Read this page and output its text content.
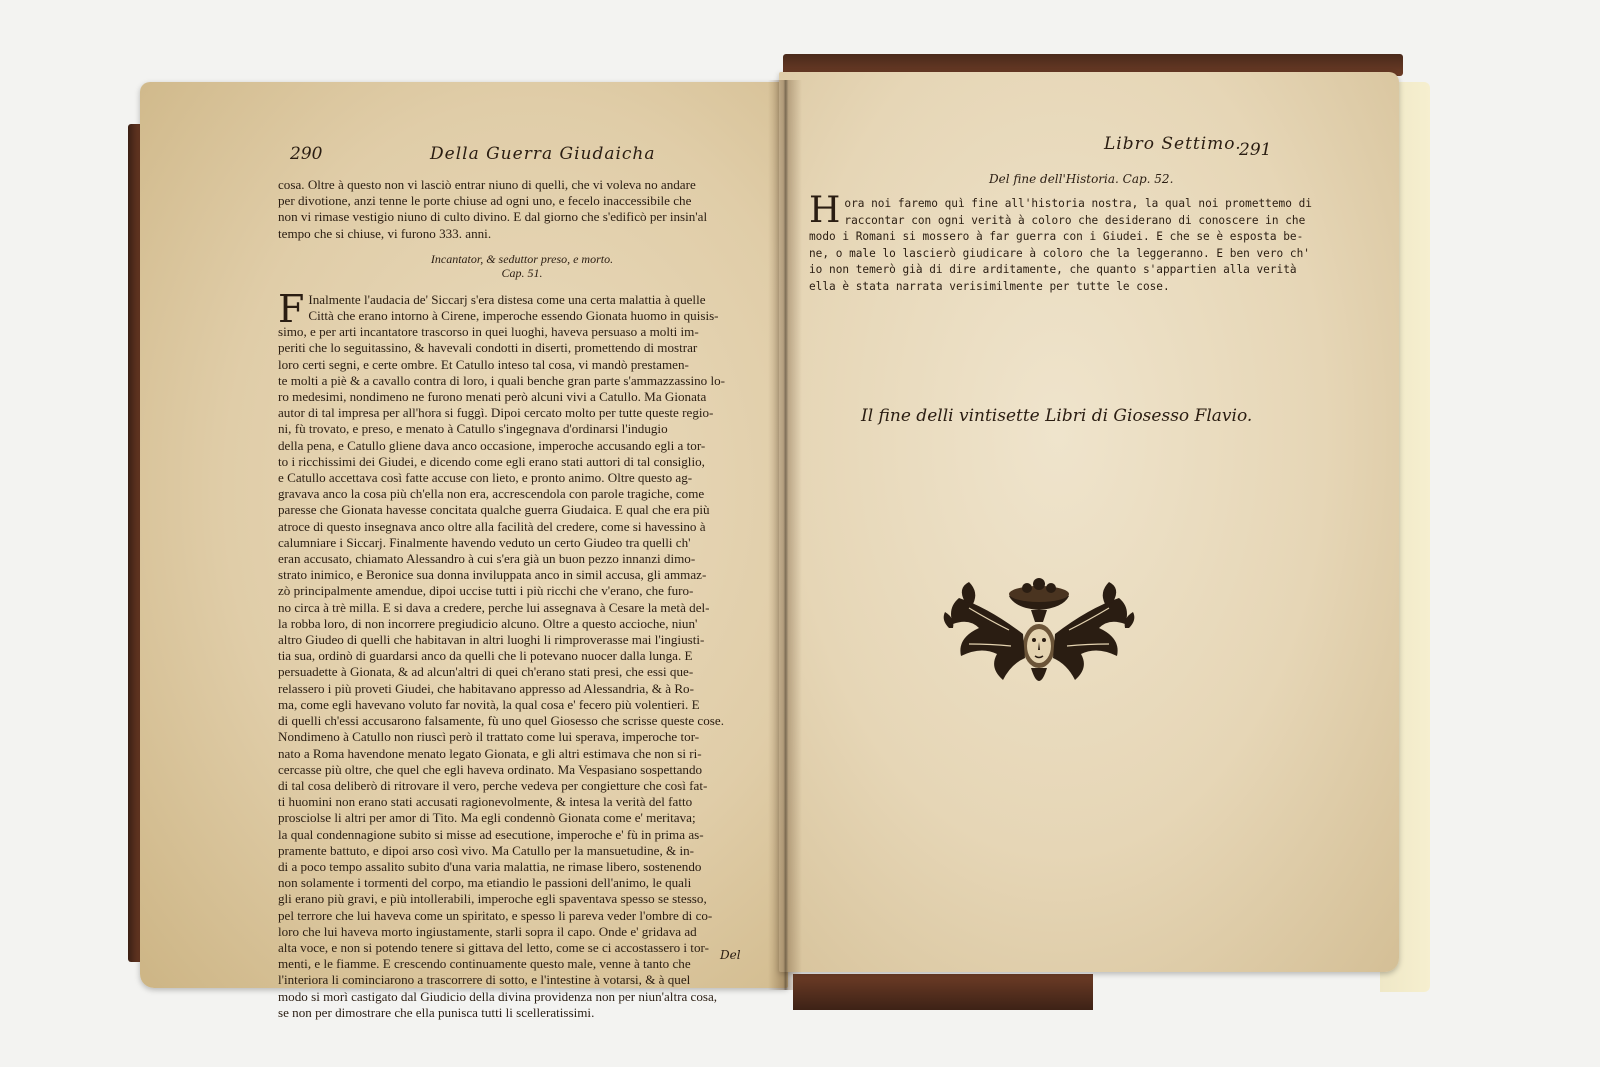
290	Della Guerra Giudaicha
cosa. Oltre à questo non vi lasciò entrar niuno di quelli, che vi voleva no andare
per divotione, anzi tenne le porte chiuse ad ogni uno, e fecelo inaccessibile che
non vi rimase vestigio niuno di culto divino. E dal giorno che s'edificò per insin'al
tempo che si chiuse, vi furono 333. anni.
Incantator, & seduttor preso, e morto.
Cap. 51.
F Inalmente l'audacia de' Siccarj s'era distesa come una certa malattia à quelle
Città che erano intorno à Cirene, imperoche essendo Gionata huomo in quisis-
simo, e per arti incantatore trascorso in quei luoghi, haveva persuaso a molti im-
periti che lo seguitassino, & havevali condotti in diserti, promettendo di mostrar
loro certi segni, e certe ombre. Et Catullo inteso tal cosa, vi mandò prestamen-
te molti a piè & a cavallo contra di loro, i quali benche gran parte s'ammazzassino lo-
ro medesimi, nondimeno ne furono menati però alcuni vivi a Catullo. Ma Gionata
autor di tal impresa per all'hora si fuggì. Dipoi cercato molto per tutte queste regio-
ni, fù trovato, e preso, e menato à Catullo s'ingegnava d'ordinarsi l'indugio
della pena, e Catullo gliene dava anco occasione, imperoche accusando egli a tor-
to i ricchissimi dei Giudei, e dicendo come egli erano stati auttori di tal consiglio,
e Catullo accettava così fatte accuse con lieto, e pronto animo. Oltre questo ag-
gravava anco la cosa più ch'ella non era, accrescendola con parole tragiche, come
paresse che Gionata havesse concitata qualche guerra Giudaica. E qual che era più
atroce di questo insegnava anco oltre alla facilità del credere, come si havessino à
calumniare i Siccarj. Finalmente havendo veduto un certo Giudeo tra quelli ch'
eran accusato, chiamato Alessandro à cui s'era già un buon pezzo innanzi dimo-
strato inimico, e Beronice sua donna inviluppata anco in simil accusa, gli ammaz-
zò principalmente amendue, dipoi uccise tutti i più ricchi che v'erano, che furo-
no circa à trè milla. E si dava a credere, perche lui assegnava à Cesare la metà del-
la robba loro, di non incorrere pregiudicio alcuno. Oltre a questo accioche, niun'
altro Giudeo di quelli che habitavan in altri luoghi li rimproverasse mai l'ingiusti-
tia sua, ordinò di guardarsi anco da quelli che li potevano nuocer dalla lunga. E
persuadette à Gionata, & ad alcun'altri di quei ch'erano stati presi, che essi que-
relassero i più proveti Giudei, che habitavano appresso ad Alessandria, & à Ro-
ma, come egli havevano voluto far novità, la qual cosa e' fecero più volentieri. E
di quelli ch'essi accusarono falsamente, fù uno quel Giosesso che scrisse queste cose.
Nondimeno à Catullo non riuscì però il trattato come lui sperava, imperoche tor-
nato a Roma havendone menato legato Gionata, e gli altri estimava che non si ri-
cercasse più oltre, che quel che egli haveva ordinato. Ma Vespasiano sospettando
di tal cosa deliberò di ritrovare il vero, perche vedeva per congietture che così fat-
ti huomini non erano stati accusati ragionevolmente, & intesa la verità del fatto
prosciolse li altri per amor di Tito. Ma egli condennò Gionata come e' meritava;
la qual condennagione subito si misse ad esecutione, imperoche e' fù in prima as-
pramente battuto, e dipoi arso così vivo. Ma Catullo per la mansuetudine, & in-
di a poco tempo assalito subito d'una varia malattia, ne rimase libero, sostenendo
non solamente i tormenti del corpo, ma etiandio le passioni dell'animo, le quali
gli erano più gravi, e più intollerabili, imperoche egli spaventava spesso se stesso,
pel terrore che lui haveva come un spiritato, e spesso li pareva veder l'ombre di co-
loro che lui haveva morto ingiustamente, starli sopra il capo. Onde e' gridava ad
alta voce, e non si potendo tenere si gittava del letto, come se ci accostassero i tor-
menti, e le fiamme. E crescendo continuamente questo male, venne à tanto che
l'interiora li cominciarono a trascorrere di sotto, e l'intestine à votarsi, & à quel
modo si morì castigato dal Giudicio della divina providenza non per niun'altra cosa,
se non per dimostrare che ella punisca tutti li scelleratissimi.
Del
Libro Settimo.
291
Del fine dell'Historia. Cap. 52.
H ora noi faremo quì fine all'historia nostra, la qual noi promettemo di
raccontar con ogni verità à coloro che desiderano di conoscere in che
modo i Romani si mossero à far guerra con i Giudei. E che se è esposta be-
ne, o male lo lascierò giudicare à coloro che la leggeranno. E ben vero ch'
io non temerò già di dire arditamente, che quanto s'appartien alla verità
ella è stata narrata verisimilmente per tutte le cose.
Il fine delli vintisette Libri di Giosesso Flavio.
